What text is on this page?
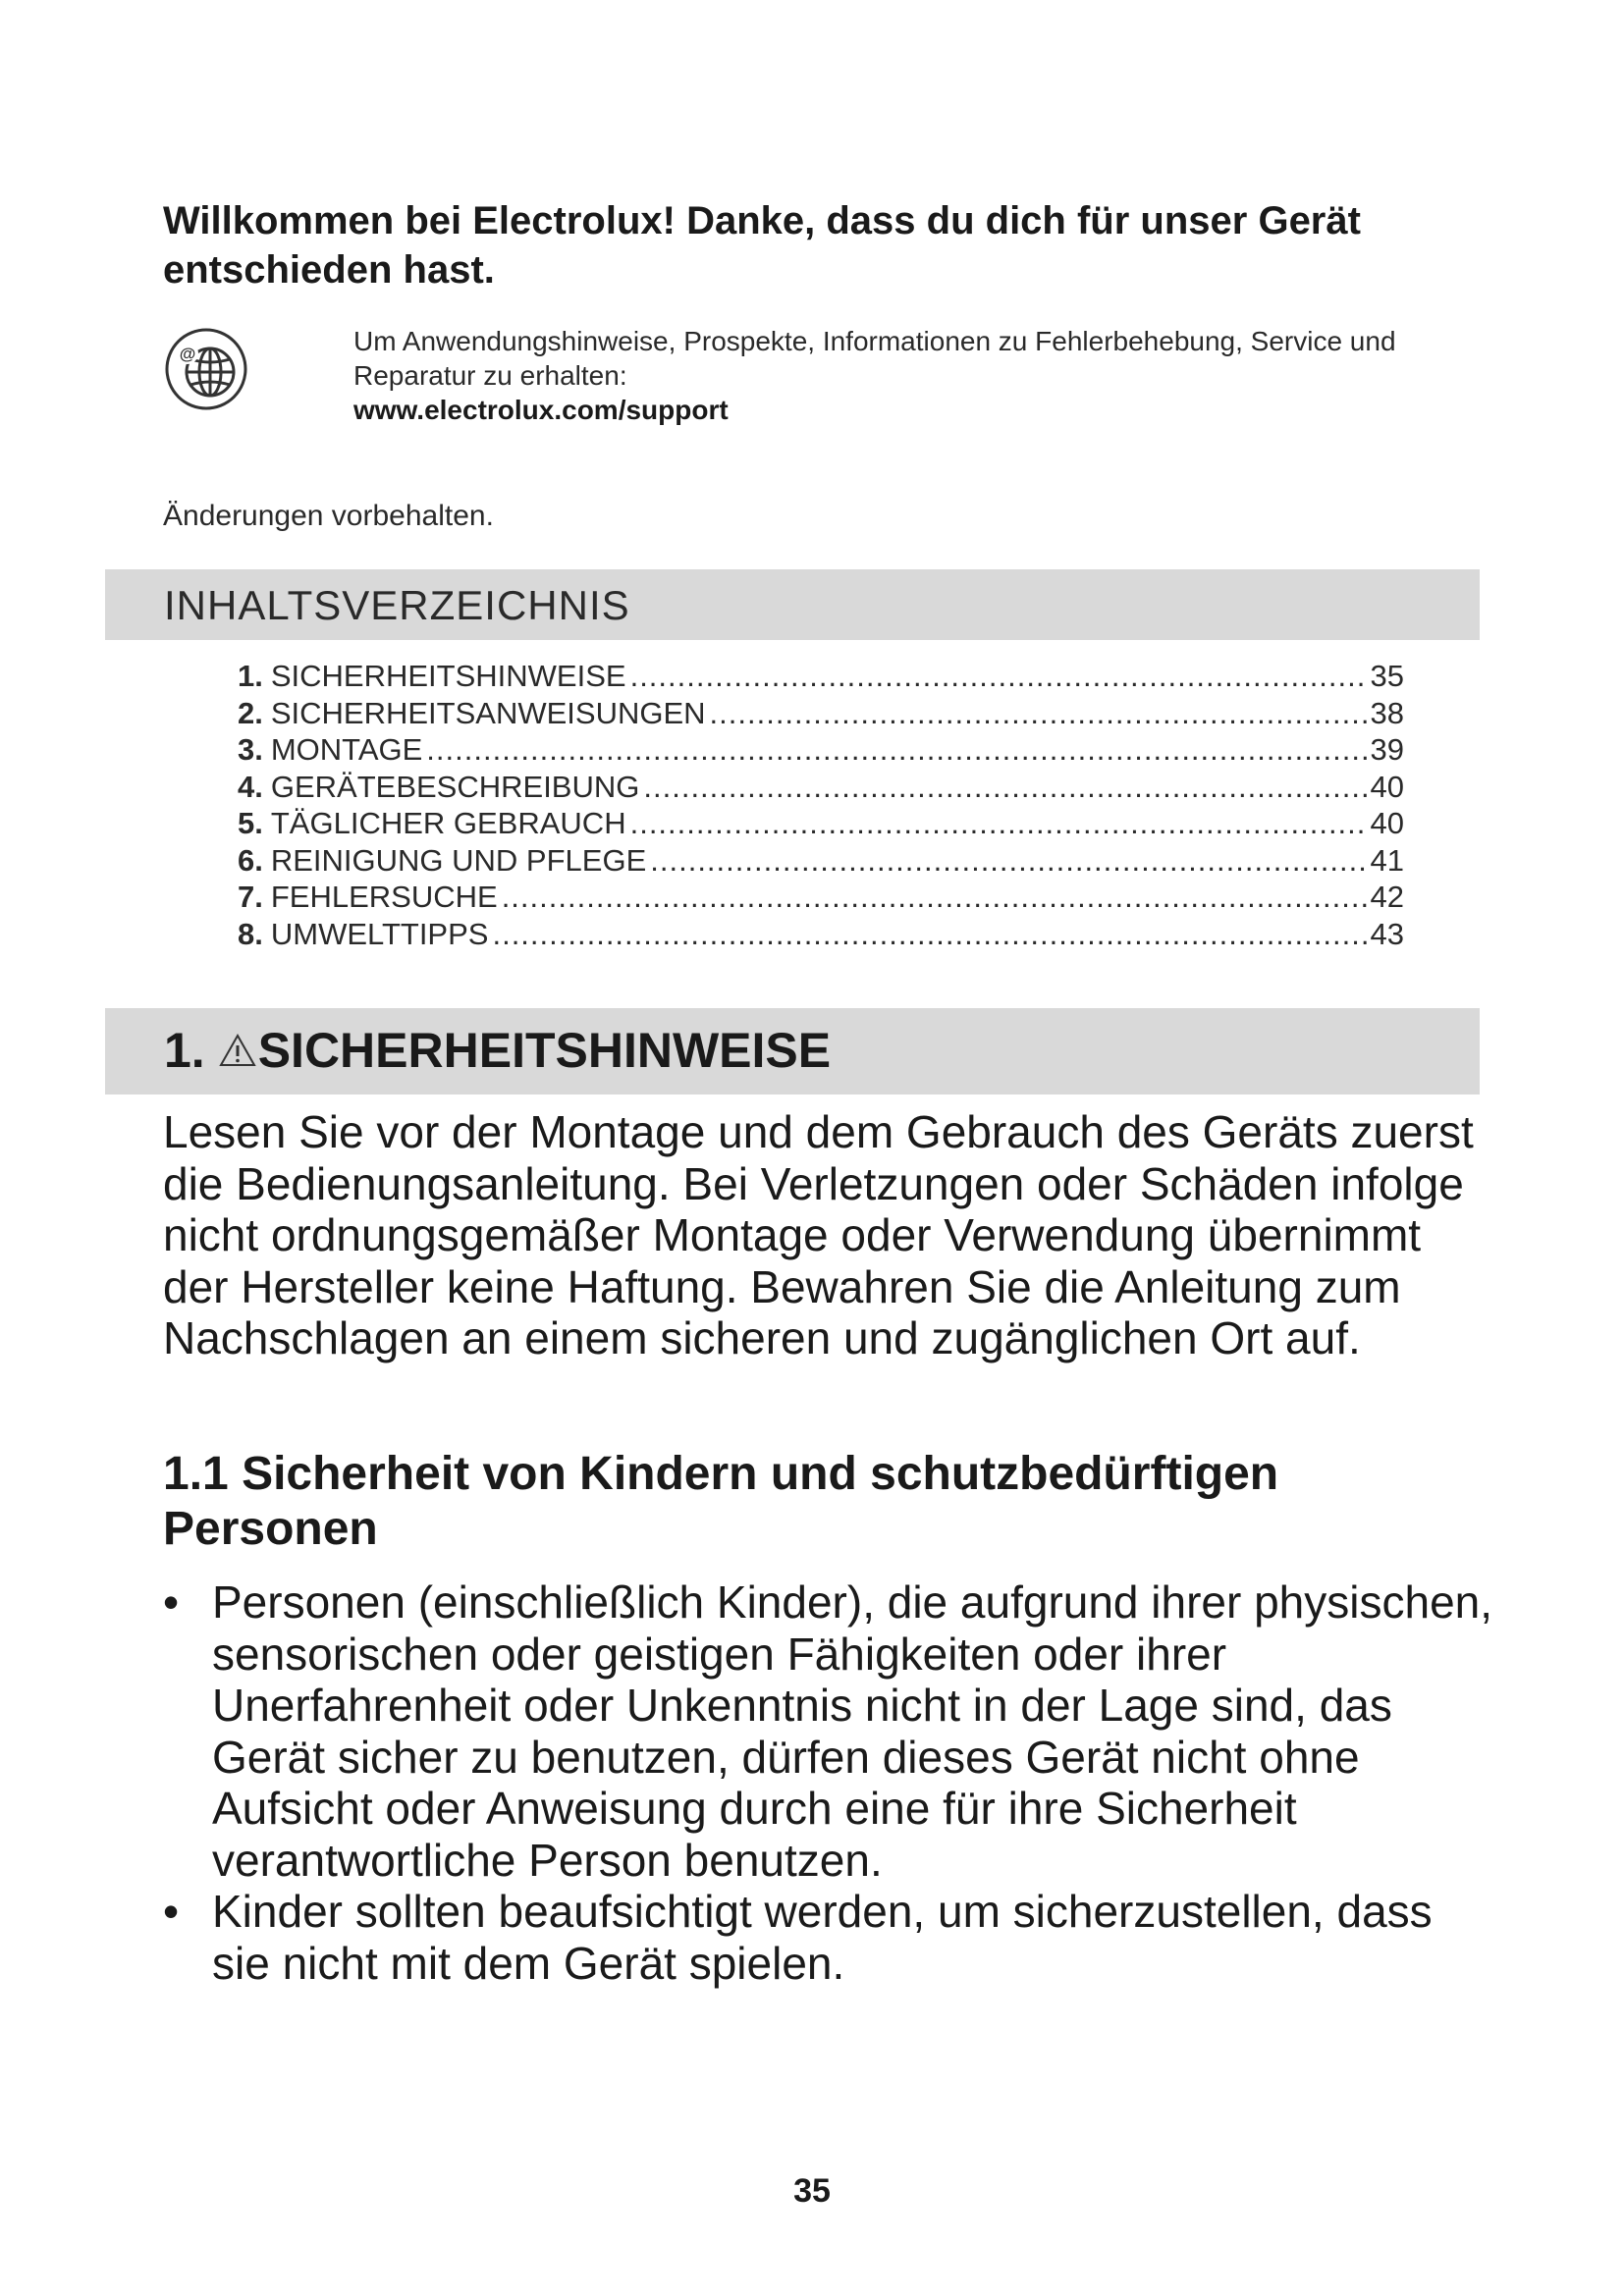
Willkommen bei Electrolux! Danke, dass du dich für unser Gerät entschieden hast.
@	Um Anwendungshinweise, Prospekte, Informationen zu Fehlerbehebung, Service und Reparatur zu erhalten:
www.electrolux.com/support
Änderungen vorbehalten.
INHALTSVERZEICHNIS
1. SICHERHEITSHINWEISE .....	35
2. SICHERHEITSANWEISUNGEN .....	38
3. MONTAGE .....	39
4. GERÄTEBESCHREIBUNG .....	40
5. TÄGLICHER GEBRAUCH .....	40
6. REINIGUNG UND PFLEGE .....	41
7. FEHLERSUCHE .....	42
8. UMWELTTIPPS .....	43
1. SICHERHEITSHINWEISE
Lesen Sie vor der Montage und dem Gebrauch des Geräts zuerst die Bedienungsanleitung. Bei Verletzungen oder Schäden infolge nicht ordnungsgemäßer Montage oder Verwendung übernimmt der Hersteller keine Haftung. Bewahren Sie die Anleitung zum Nachschlagen an einem sicheren und zugänglichen Ort auf.
1.1 Sicherheit von Kindern und schutzbedürftigen Personen
• Personen (einschließlich Kinder), die aufgrund ihrer physischen, sensorischen oder geistigen Fähigkeiten oder ihrer Unerfahrenheit oder Unkenntnis nicht in der Lage sind, das Gerät sicher zu benutzen, dürfen dieses Gerät nicht ohne Aufsicht oder Anweisung durch eine für ihre Sicherheit verantwortliche Person benutzen.
• Kinder sollten beaufsichtigt werden, um sicherzustellen, dass sie nicht mit dem Gerät spielen.
35
